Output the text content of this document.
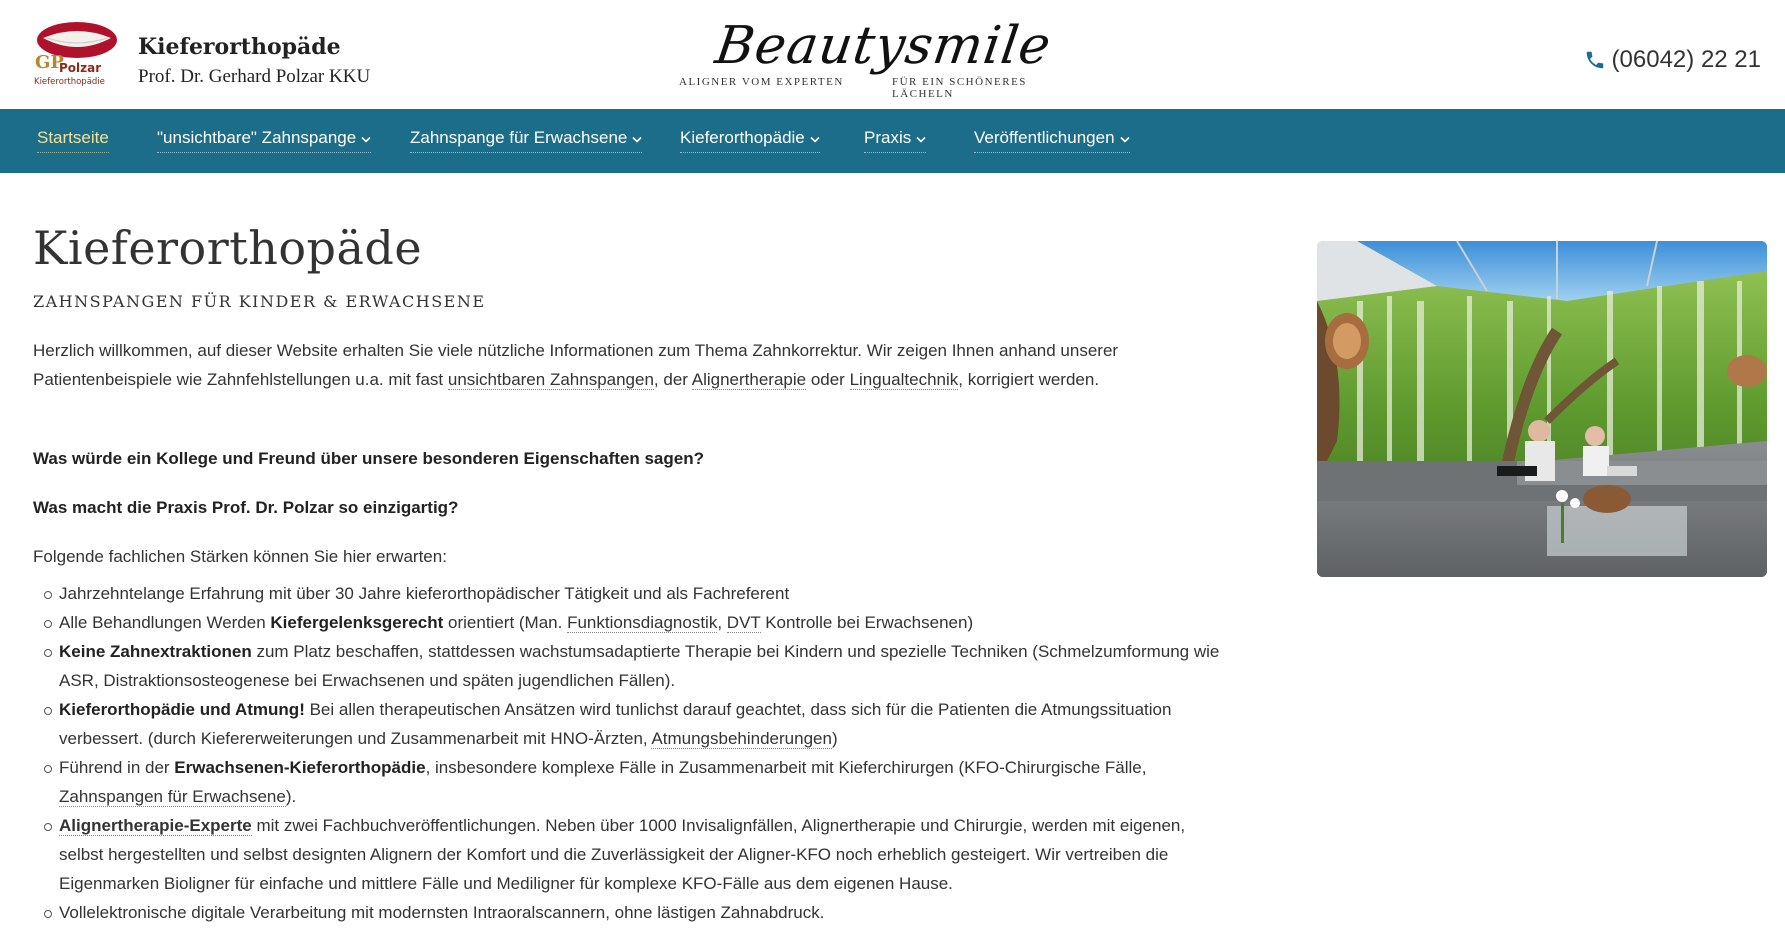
GP
Polzar
Kieferorthopädie
Kieferorthopäde
Prof. Dr. Gerhard Polzar KKU
Beautysmile
ALIGNER VOM EXPERTEN	FÜR EIN SCHÖNERES LÄCHELN
(06042) 22 21
Startseite	"unsichtbare" Zahnspange	Zahnspange für Erwachsene	Kieferorthopädie	Praxis	Veröffentlichungen
Kieferorthopäde
ZAHNSPANGEN FÜR KINDER & ERWACHSENE

Herzlich willkommen, auf dieser Website erhalten Sie viele nützliche Informationen zum Thema Zahnkorrektur. Wir zeigen Ihnen anhand unserer Patientenbeispiele wie Zahnfehlstellungen u.a. mit fast unsichtbaren Zahnspangen, der Alignertherapie oder Lingualtechnik, korrigiert werden.

Was würde ein Kollege und Freund über unsere besonderen Eigenschaften sagen?

Was macht die Praxis Prof. Dr. Polzar so einzigartig?

Folgende fachlichen Stärken können Sie hier erwarten:

Jahrzehntelange Erfahrung mit über 30 Jahre kieferorthopädischer Tätigkeit und als Fachreferent
Alle Behandlungen Werden Kiefergelenksgerecht orientiert (Man. Funktionsdiagnostik, DVT Kontrolle bei Erwachsenen)
Keine Zahnextraktionen zum Platz beschaffen, stattdessen wachstumsadaptierte Therapie bei Kindern und spezielle Techniken (Schmelzumformung wie ASR, Distraktionsosteogenese bei Erwachsenen und späten jugendlichen Fällen).
Kieferorthopädie und Atmung! Bei allen therapeutischen Ansätzen wird tunlichst darauf geachtet, dass sich für die Patienten die Atmungssituation verbessert. (durch Kiefererweiterungen und Zusammenarbeit mit HNO-Ärzten, Atmungsbehinderungen)
Führend in der Erwachsenen-Kieferorthopädie, insbesondere komplexe Fälle in Zusammenarbeit mit Kieferchirurgen (KFO-Chirurgische Fälle, Zahnspangen für Erwachsene).
Alignertherapie-Experte mit zwei Fachbuchveröffentlichungen. Neben über 1000 Invisalignfällen, Alignertherapie und Chirurgie, werden mit eigenen, selbst hergestellten und selbst designten Alignern der Komfort und die Zuverlässigkeit der Aligner-KFO noch erheblich gesteigert. Wir vertreiben die Eigenmarken Bioligner für einfache und mittlere Fälle und Mediligner für komplexe KFO-Fälle aus dem eigenen Hause.
Vollelektronische digitale Verarbeitung mit modernsten Intraoralscannern, ohne lästigen Zahnabdruck.
